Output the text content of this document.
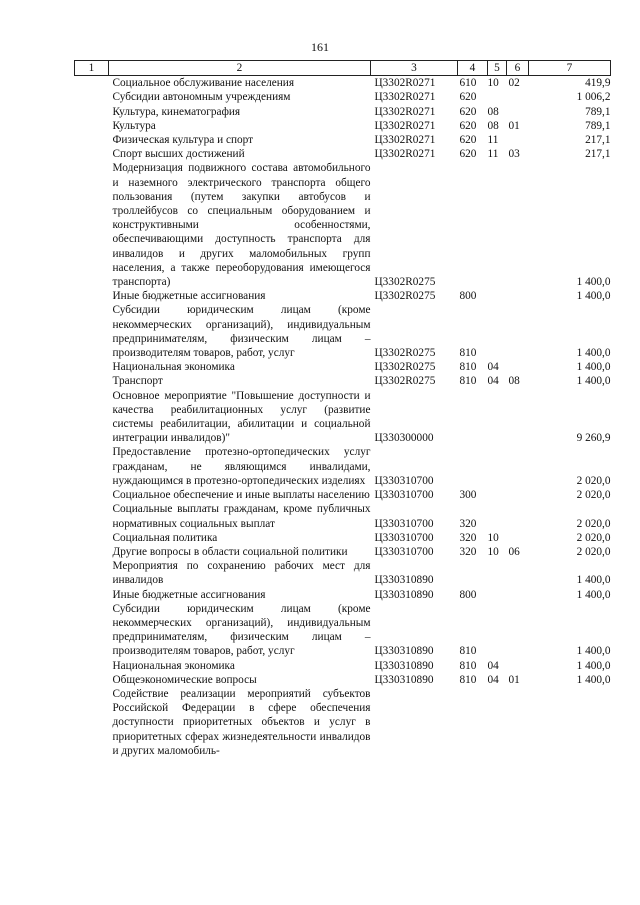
161
1	2	3	4	5	6	7
	Социальное обслуживание населения	Ц3302R0271	610	10	02	419,9
	Субсидии автономным учреждениям	Ц3302R0271	620			1 006,2
	Культура, кинематография	Ц3302R0271	620	08		789,1
	Культура	Ц3302R0271	620	08	01	789,1
	Физическая культура и спорт	Ц3302R0271	620	11		217,1
	Спорт высших достижений	Ц3302R0271	620	11	03	217,1
	Модернизация подвижного состава автомобильного и наземного электрического транспорта общего пользования (путем закупки автобусов и троллейбусов со специальным оборудованием и конструктивными особенностями, обеспечивающими доступность транспорта для инвалидов и других маломобильных групп населения, а также переоборудования имеющегося транспорта)	Ц3302R0275				1 400,0
	Иные бюджетные ассигнования	Ц3302R0275	800			1 400,0
	Субсидии юридическим лицам (кроме некоммерческих организаций), индивидуальным предпринимателям, физическим лицам – производителям товаров, работ, услуг	Ц3302R0275	810			1 400,0
	Национальная экономика	Ц3302R0275	810	04		1 400,0
	Транспорт	Ц3302R0275	810	04	08	1 400,0
	Основное мероприятие "Повышение доступности и качества реабилитационных услуг (развитие системы реабилитации, абилитации и социальной интеграции инвалидов)"	Ц330300000				9 260,9
	Предоставление протезно-ортопедических услуг гражданам, не являющимся инвалидами, нуждающимся в протезно-ортопедических изделиях	Ц330310700				2 020,0
	Социальное обеспечение и иные выплаты населению	Ц330310700	300			2 020,0
	Социальные выплаты гражданам, кроме публичных нормативных социальных выплат	Ц330310700	320			2 020,0
	Социальная политика	Ц330310700	320	10		2 020,0
	Другие вопросы в области социальной политики	Ц330310700	320	10	06	2 020,0
	Мероприятия по сохранению рабочих мест для инвалидов	Ц330310890				1 400,0
	Иные бюджетные ассигнования	Ц330310890	800			1 400,0
	Субсидии юридическим лицам (кроме некоммерческих организаций), индивидуальным предпринимателям, физическим лицам – производителям товаров, работ, услуг	Ц330310890	810			1 400,0
	Национальная экономика	Ц330310890	810	04		1 400,0
	Общеэкономические вопросы	Ц330310890	810	04	01	1 400,0
	Содействие реализации мероприятий субъектов Российской Федерации в сфере обеспечения доступности приоритетных объектов и услуг в приоритетных сферах жизнедеятельности инвалидов и других маломобиль-					
